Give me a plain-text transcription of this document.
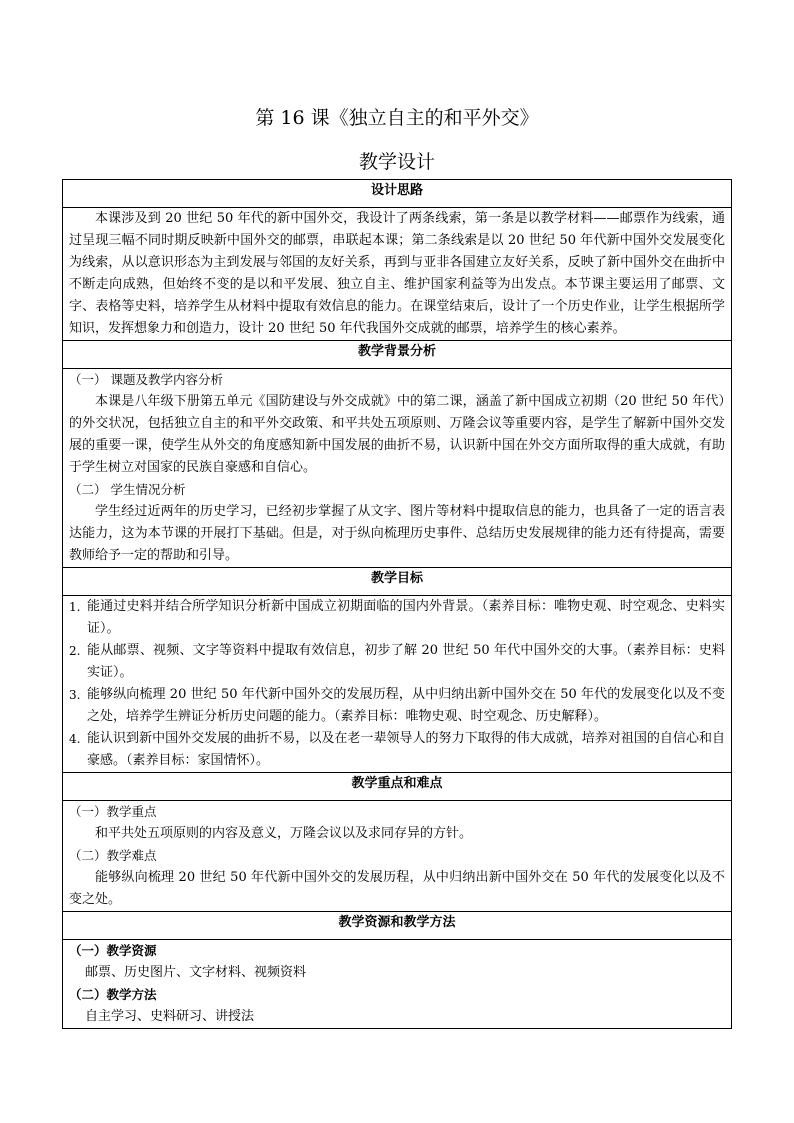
第 16 课《独立自主的和平外交》
教学设计
设计思路

本课涉及到 20 世纪 50 年代的新中国外交，我设计了两条线索，第一条是以教学材料——邮票作为线索，通过呈现三幅不同时期反映新中国外交的邮票，串联起本课；第二条线索是以 20 世纪 50 年代新中国外交发展变化为线索，从以意识形态为主到发展与邻国的友好关系，再到与亚非各国建立友好关系，反映了新中国外交在曲折中不断走向成熟，但始终不变的是以和平发展、独立自主、维护国家利益等为出发点。本节课主要运用了邮票、文字、表格等史料，培养学生从材料中提取有效信息的能力。在课堂结束后，设计了一个历史作业，让学生根据所学知识，发挥想象力和创造力，设计 20 世纪 50 年代我国外交成就的邮票，培养学生的核心素养。

教学背景分析

（一） 课题及教学内容分析

本课是八年级下册第五单元《国防建设与外交成就》中的第二课，涵盖了新中国成立初期（20 世纪 50 年代）的外交状况，包括独立自主的和平外交政策、和平共处五项原则、万隆会议等重要内容，是学生了解新中国外交发展的重要一课，使学生从外交的角度感知新中国发展的曲折不易，认识新中国在外交方面所取得的重大成就，有助于学生树立对国家的民族自豪感和自信心。

（二） 学生情况分析

学生经过近两年的历史学习，已经初步掌握了从文字、图片等材料中提取信息的能力，也具备了一定的语言表达能力，这为本节课的开展打下基础。但是，对于纵向梳理历史事件、总结历史发展规律的能力还有待提高，需要教师给予一定的帮助和引导。

教学目标

1. 能通过史料并结合所学知识分析新中国成立初期面临的国内外背景。（素养目标：唯物史观、时空观念、史料实证）。
2. 能从邮票、视频、文字等资料中提取有效信息，初步了解 20 世纪 50 年代中国外交的大事。（素养目标：史料实证）。
3. 能够纵向梳理 20 世纪 50 年代新中国外交的发展历程，从中归纳出新中国外交在 50 年代的发展变化以及不变之处，培养学生辨证分析历史问题的能力。（素养目标：唯物史观、时空观念、历史解释）。
4. 能认识到新中国外交发展的曲折不易，以及在老一辈领导人的努力下取得的伟大成就，培养对祖国的自信心和自豪感。（素养目标：家国情怀）。

教学重点和难点

（一）教学重点

和平共处五项原则的内容及意义，万隆会议以及求同存异的方针。

（二）教学难点

能够纵向梳理 20 世纪 50 年代新中国外交的发展历程，从中归纳出新中国外交在 50 年代的发展变化以及不变之处。

教学资源和教学方法

（一）教学资源

邮票、历史图片、文字材料、视频资料

（二）教学方法

自主学习、史料研习、讲授法
